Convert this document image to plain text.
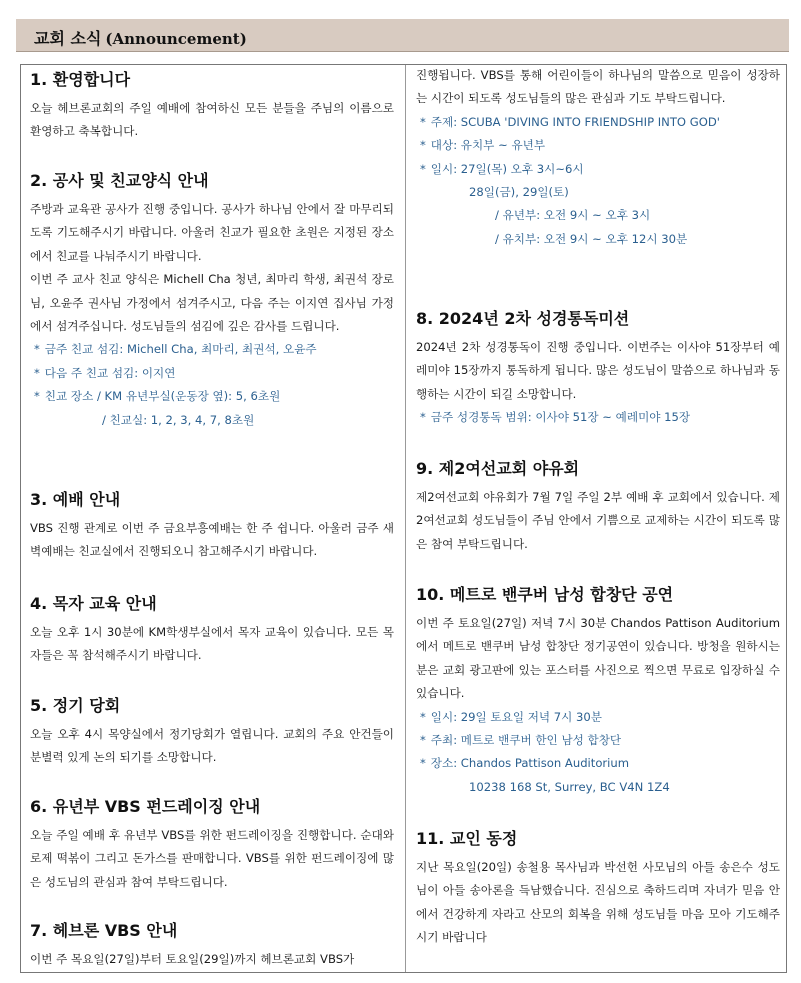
교회 소식 (Announcement)
1. 환영합니다

오늘 헤브론교회의 주일 예배에 참여하신 모든 분들을 주님의 이름으로 환영하고 축복합니다.

2. 공사 및 친교양식 안내

주방과 교육관 공사가 진행 중입니다. 공사가 하나님 안에서 잘 마무리되도록 기도해주시기 바랍니다. 아울러 친교가 필요한 초원은 지정된 장소에서 친교를 나눠주시기 바랍니다.

이번 주 교사 친교 양식은 Michell Cha 청년, 최마리 학생, 최권석 장로님, 오윤주 권사님 가정에서 섬겨주시고, 다음 주는 이지연 집사님 가정에서 섬겨주십니다. 성도님들의 섬김에 깊은 감사를 드립니다.

* 금주 친교 섬김: Michell Cha, 최마리, 최권석, 오윤주
* 다음 주 친교 섬김: 이지연
* 친교 장소 / KM 유년부실(운동장 옆): 5, 6초원
/ 친교실: 1, 2, 3, 4, 7, 8초원
3. 예배 안내

VBS 진행 관계로 이번 주 금요부흥예배는 한 주 쉽니다. 아울러 금주 새벽예배는 친교실에서 진행되오니 참고해주시기 바랍니다.

4. 목자 교육 안내

오늘 오후 1시 30분에 KM학생부실에서 목자 교육이 있습니다. 모든 목자들은 꼭 참석해주시기 바랍니다.

5. 정기 당회

오늘 오후 4시 목양실에서 정기당회가 열립니다. 교회의 주요 안건들이 분별력 있게 논의 되기를 소망합니다.

6. 유년부 VBS 펀드레이징 안내

오늘 주일 예배 후 유년부 VBS를 위한 펀드레이징을 진행합니다. 순대와 로제 떡볶이 그리고 돈가스를 판매합니다. VBS를 위한 펀드레이징에 많은 성도님의 관심과 참여 부탁드립니다.

7. 헤브론 VBS 안내

이번 주 목요일(27일)부터 토요일(29일)까지 헤브론교회 VBS가

진행됩니다. VBS를 통해 어린이들이 하나님의 말씀으로 믿음이 성장하는 시간이 되도록 성도님들의 많은 관심과 기도 부탁드립니다.

* 주제: SCUBA 'DIVING INTO FRIENDSHIP INTO GOD'
* 대상: 유치부 ~ 유년부
* 일시: 27일(목) 오후 3시~6시
28일(금), 29일(토)
/ 유년부: 오전 9시 ~ 오후 3시
/ 유치부: 오전 9시 ~ 오후 12시 30분
8. 2024년 2차 성경통독미션

2024년 2차 성경통독이 진행 중입니다. 이번주는 이사야 51장부터 예레미야 15장까지 통독하게 됩니다. 많은 성도님이 말씀으로 하나님과 동행하는 시간이 되길 소망합니다.

* 금주 성경통독 범위: 이사야 51장 ~ 예레미야 15장
9. 제2여선교회 야유회

제2여선교회 야유회가 7월 7일 주일 2부 예배 후 교회에서 있습니다. 제2여선교회 성도님들이 주님 안에서 기쁨으로 교제하는 시간이 되도록 많은 참여 부탁드립니다.

10. 메트로 밴쿠버 남성 합창단 공연

이번 주 토요일(27일) 저녁 7시 30분 Chandos Pattison Auditorium에서 메트로 밴쿠버 남성 합창단 정기공연이 있습니다. 방청을 원하시는 분은 교회 광고판에 있는 포스터를 사진으로 찍으면 무료로 입장하실 수 있습니다.

* 일시: 29일 토요일 저녁 7시 30분
* 주최: 메트로 밴쿠버 한인 남성 합창단
* 장소: Chandos Pattison Auditorium
10238 168 St, Surrey, BC V4N 1Z4
11. 교인 동정

지난 목요일(20일) 송철용 목사님과 박선헌 사모님의 아들 송은수 성도님이 아들 송아론을 득남했습니다. 진심으로 축하드리며 자녀가 믿음 안에서 건강하게 자라고 산모의 회복을 위해 성도님들 마음 모아 기도해주시기 바랍니다
